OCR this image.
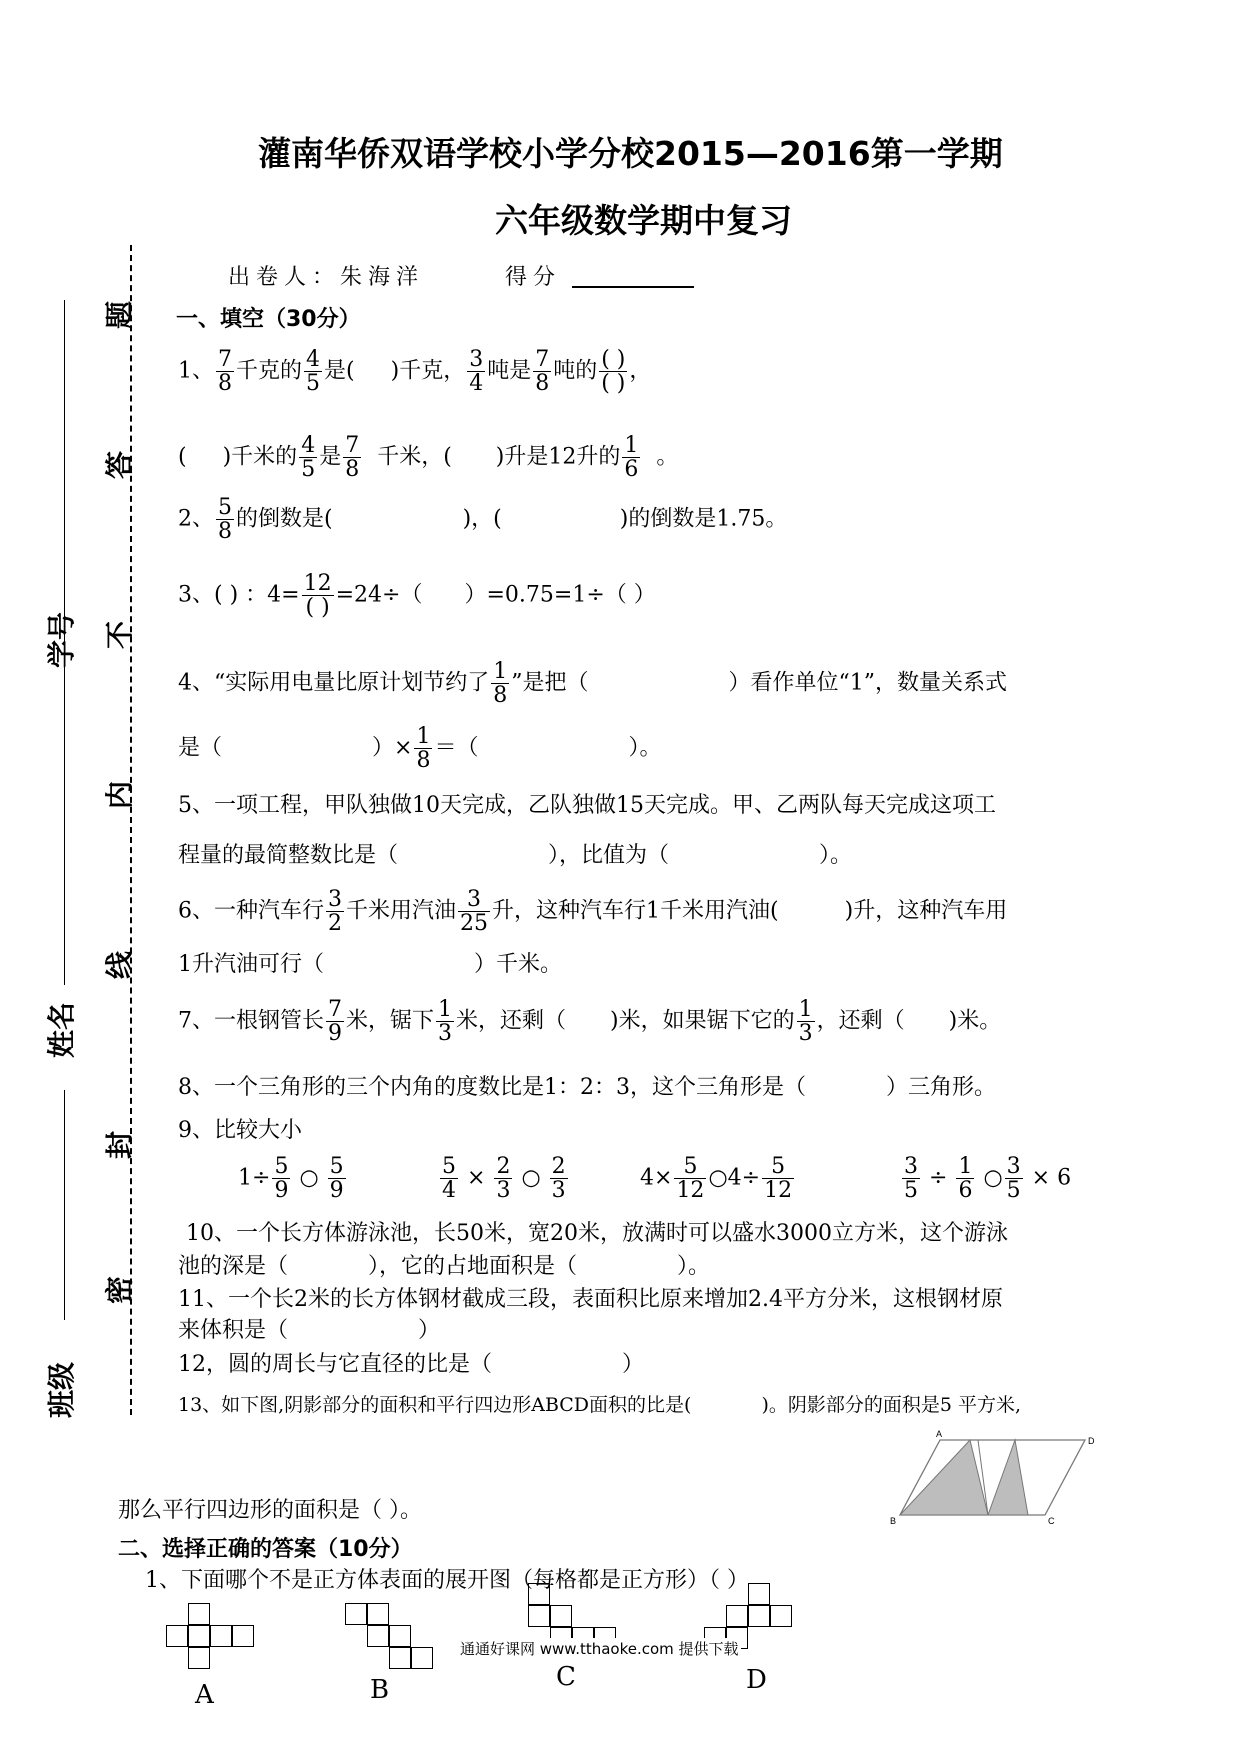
灌南华侨双语学校小学分校2015—2016第一学期
六年级数学期中复习
出卷人：朱海洋	得分
题
答
不
内
线
封
密
学号
姓名
班级
一、填空（30分）
1、 $\frac{7}{8}$ 千克的 $\frac{4}{5}$ 是( )千克， $\frac{3}{4}$ 吨是 $\frac{7}{8}$ 吨的 $\frac{( )}{( )}$ ，
( )千米的 $\frac{4}{5}$ 是 $\frac{7}{8}$ 千米，( )升是12升的 $\frac{1}{6}$ 。
2、 $\frac{5}{8}$ 的倒数是(	)，(	)的倒数是1.75。
3、( ) ：$4= \frac{12}{( )} =24\div$（ ）=0.75=1÷（ ）
4、“实际用电量比原计划节约了 $\frac{1}{8}$ ”是把（	）看作单位“1”，数量关系式
是（	）× $\frac{1}{8}$ ＝（	）。
5、一项工程，甲队独做10天完成，乙队独做15天完成。甲、乙两队每天完成这项工
程量的最简整数比是（	），比值为（	）。
6、一种汽车行 $\frac{3}{2}$ 千米用汽油 $\frac{3}{25}$ 升，这种汽车行1千米用汽油(	)升，这种汽车用
1升汽油可行（	）千米。
7、一根钢管长 $\frac{7}{9}$ 米，锯下 $\frac{1}{3}$ 米，还剩（ )米，如果锯下它的 $\frac{1}{3}$ ，还剩（ )米。
8、一个三角形的三个内角的度数比是1：2：3，这个三角形是（	）三角形。
9、比较大小
$1\div \frac{5}{9}$ ○ $\frac{5}{9}$	$\frac{5}{4} \times \frac{2}{3}$ ○ $\frac{2}{3}$	$4\times \frac{5}{12}$ ○4÷ $\frac{5}{12}$	$\frac{3}{5} \div \frac{1}{6}$ ○ $\frac{3}{5} \times 6$
10、一个长方体游泳池，长50米，宽20米，放满时可以盛水3000立方米，这个游泳
池的深是（	），它的占地面积是（	）。
11、一个长2米的长方体钢材截成三段，表面积比原来增加2.4平方分米，这根钢材原
来体积是（	）
12，圆的周长与它直径的比是（	）
13、如下图,阴影部分的面积和平行四边形ABCD面积的比是(	)。阴影部分的面积是5 平方米,
A
D
B	C
那么平行四边形的面积是（ ）。
二、选择正确的答案（10分）
1、下面哪个不是正方体表面的展开图（每格都是正方形）（ ）
A	B	C	D
通通好课网 www.tthaoke.com 提供下载
